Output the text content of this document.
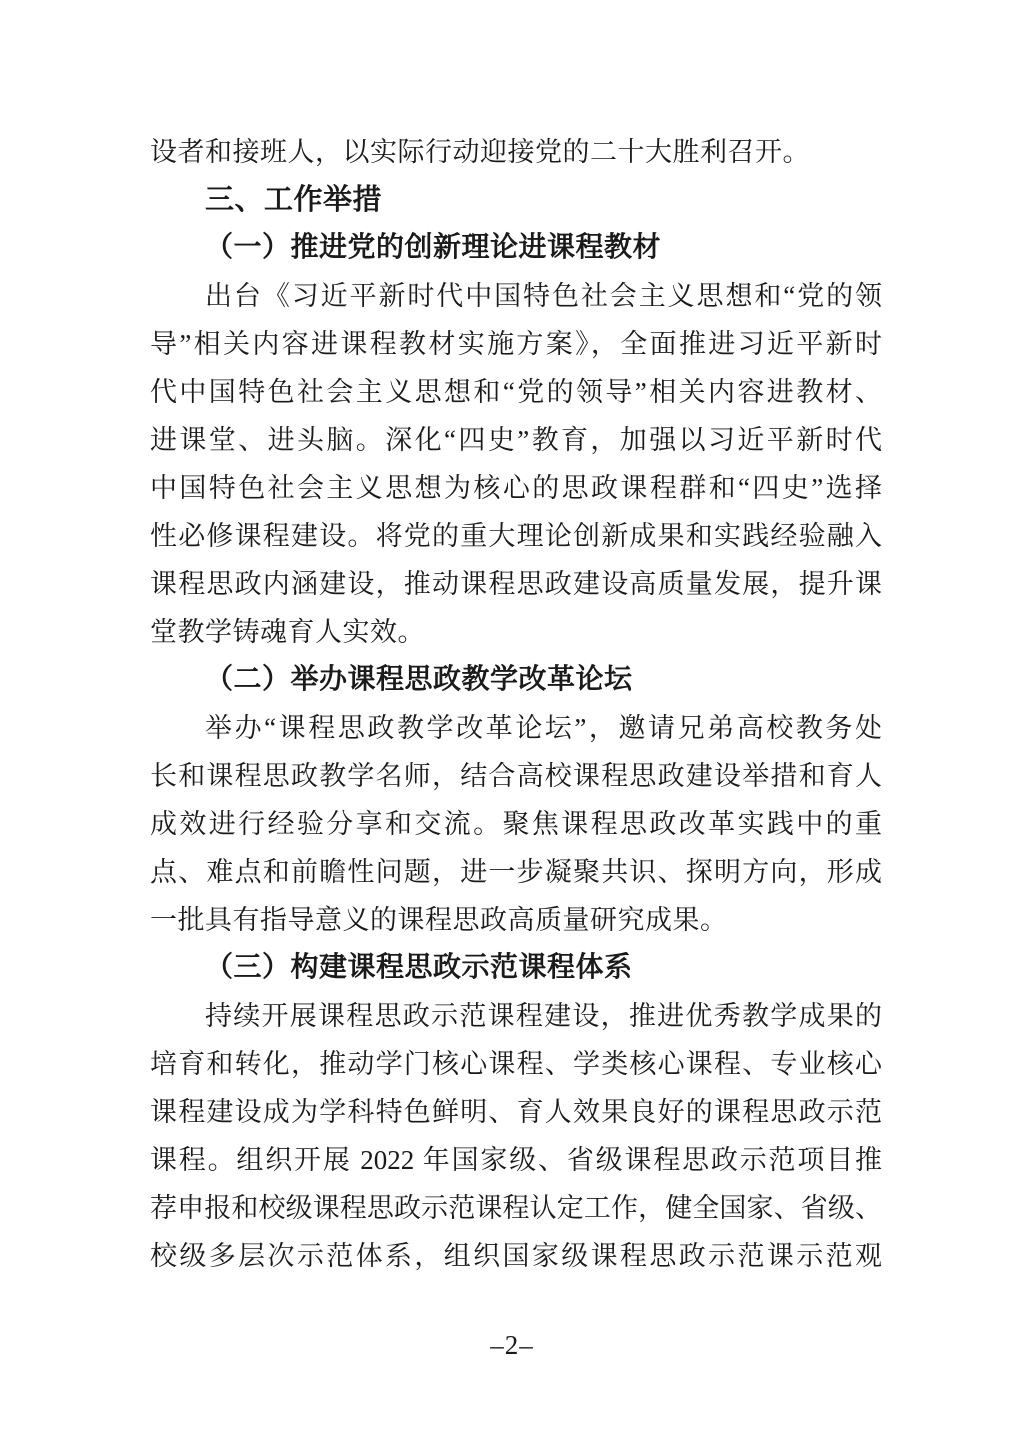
设者和接班人，以实际行动迎接党的二十大胜利召开。
三、工作举措
（一）推进党的创新理论进课程教材
出台《习近平新时代中国特色社会主义思想和“党的领
导”相关内容进课程教材实施方案》，全面推进习近平新时
代中国特色社会主义思想和“党的领导”相关内容进教材、
进课堂、进头脑。深化“四史”教育，加强以习近平新时代
中国特色社会主义思想为核心的思政课程群和“四史”选择
性必修课程建设。将党的重大理论创新成果和实践经验融入
课程思政内涵建设，推动课程思政建设高质量发展，提升课
堂教学铸魂育人实效。
（二）举办课程思政教学改革论坛
举办“课程思政教学改革论坛”，邀请兄弟高校教务处
长和课程思政教学名师，结合高校课程思政建设举措和育人
成效进行经验分享和交流。聚焦课程思政改革实践中的重
点、难点和前瞻性问题，进一步凝聚共识、探明方向，形成
一批具有指导意义的课程思政高质量研究成果。
（三）构建课程思政示范课程体系
持续开展课程思政示范课程建设，推进优秀教学成果的
培育和转化，推动学门核心课程、学类核心课程、专业核心
课程建设成为学科特色鲜明、育人效果良好的课程思政示范
课程。组织开展 2022 年国家级、省级课程思政示范项目推
荐申报和校级课程思政示范课程认定工作，健全国家、省级、
校级多层次示范体系，组织国家级课程思政示范课示范观
–2–
